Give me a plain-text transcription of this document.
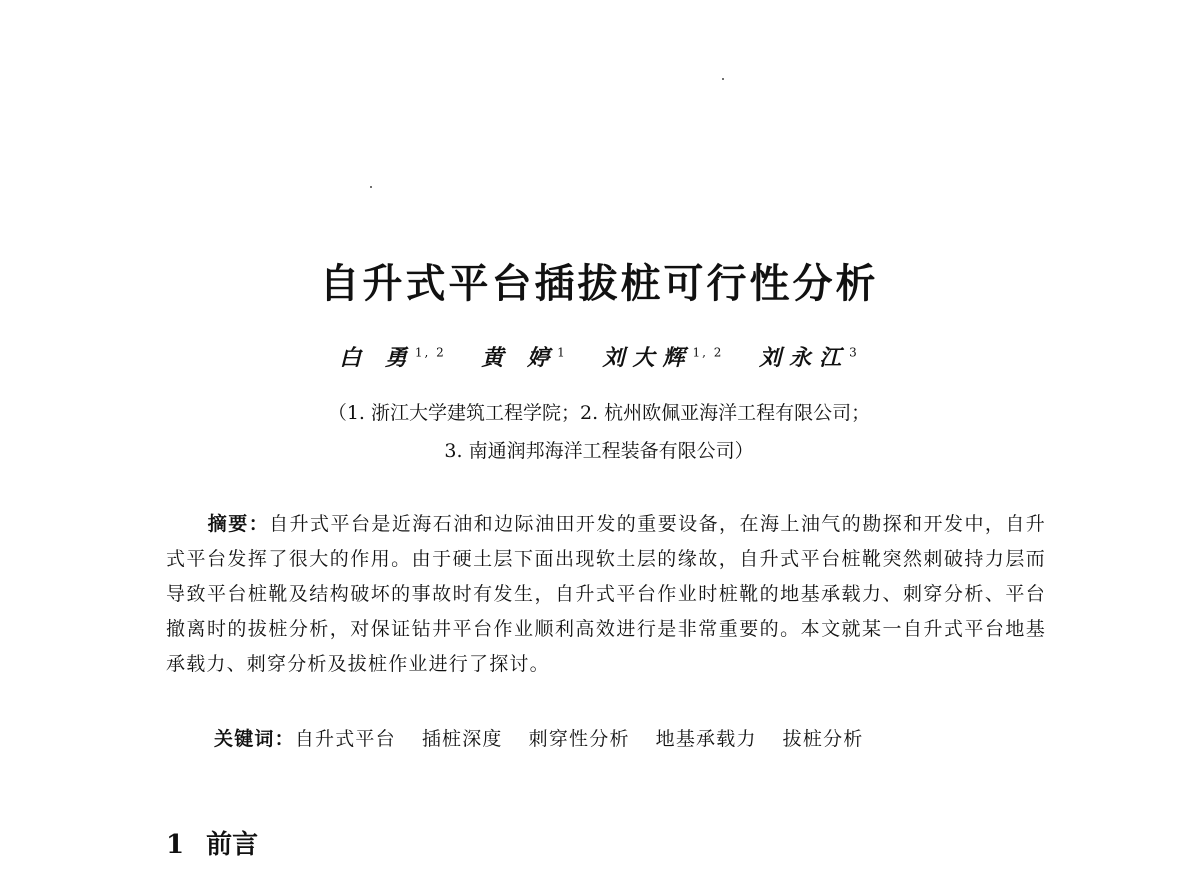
自升式平台插拔桩可行性分析
白 勇$^{1, 2}$ 黄 婷$^1$ 刘大辉$^{1, 2}$ 刘永江$^3$
（1. 浙江大学建筑工程学院；2. 杭州欧佩亚海洋工程有限公司；
3. 南通润邦海洋工程装备有限公司）

摘要：自升式平台是近海石油和边际油田开发的重要设备，在海上油气的勘探和开发中，自升式平台发挥了很大的作用。由于硬土层下面出现软土层的缘故，自升式平台桩靴突然刺破持力层而导致平台桩靴及结构破坏的事故时有发生，自升式平台作业时桩靴的地基承载力、刺穿分析、平台撤离时的拔桩分析，对保证钻井平台作业顺利高效进行是非常重要的。本文就某一自升式平台地基承载力、刺穿分析及拔桩作业进行了探讨。

关键词：自升式平台 插桩深度 刺穿性分析 地基承载力 拔桩分析
1 前言
